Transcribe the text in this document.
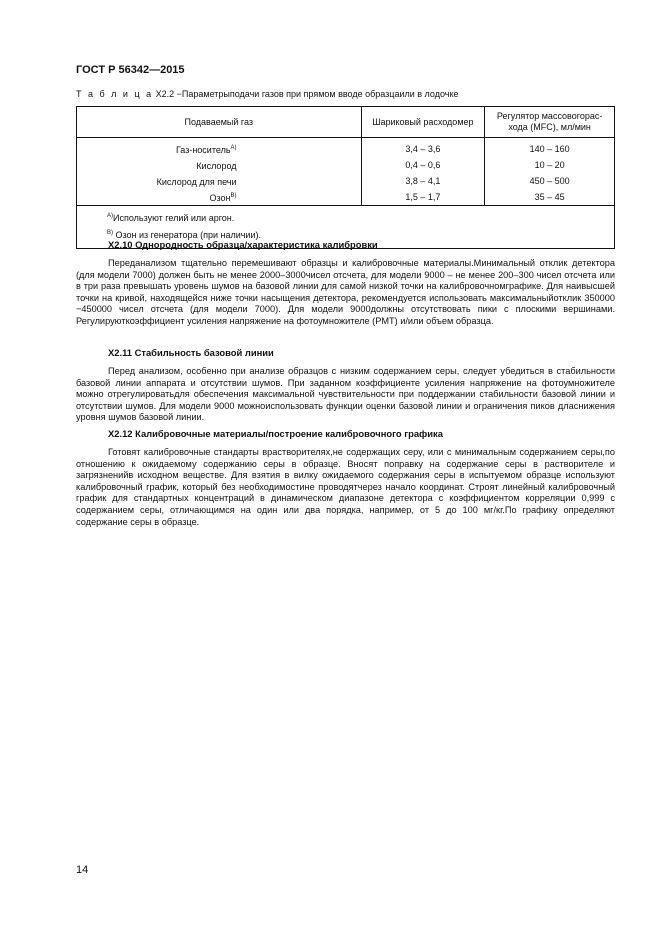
ГОСТ Р 56342—2015
Т а б л и ц а X2.2 −Параметрыподачи газов при прямом вводе образцаили в лодочке
Подаваемый газ	Шариковый расходомер	Регулятор массовогорас-хода (MFC), мл/мин
Газ-носитель$^{A)}$	3,4 – 3,6	140 – 160
Кислород	0,4 – 0,6	10 – 20
Кислород для печи	3,8 – 4,1	450 – 500
Озон$^{B)}$	1,5 – 1,7	35 – 45

$^{A)}$Используют гелий или аргон.
$^{B)}$ Озон из генератора (при наличии).		
X2.10 Однородность образца/характеристика калибровки

Переданализом тщательно перемешивают образцы и калибровочные материалы.Минимальный отклик детектора (для модели 7000) должен быть не менее 2000–3000чисел отсчета, для модели 9000 – не менее 200–300 чисел отсчета или в три раза превышать уровень шумов на базовой линии для самой низкой точки на калибровочномграфике. Для наивысшей точки на кривой, находящейся ниже точки насыщения детектора, рекомендуется использовать максимальныйотклик 350000 −450000 чисел отсчета (для модели 7000). Для модели 9000должны отсутствовать пики с плоскими вершинами. Регулируюткоэффициент усиления напряжение на фотоумножителе (PMT) и/или объем образца.

X2.11 Стабильность базовой линии

Перед анализом, особенно при анализе образцов с низким содержанием серы, следует убедиться в стабильности базовой линии аппарата и отсутствии шумов. При заданном коэффициенте усиления напряжение на фотоумножителе можно отрегулироватьдля обеспечения максимальной чувствительности при поддержании стабильности базовой линии и отсутствии шумов. Для модели 9000 можноиспользовать функции оценки базовой линии и ограничения пиков дласнижения уровня шумов базовой линии.

X2.12 Калибровочные материалы/построение калибровочного графика

Готовят калибровочные стандарты врастворителях,не содержащих серу, или с минимальным содержанием серы,по отношению к ожидаемому содержанию серы в образце. Вносят поправку на содержание серы в растворителе и загрязненийв исходном веществе. Для взятия в вилку ожидаемого содержания серы в испытуемом образце используют калибровочный график, который без необходимостине проводятчерез начало координат. Строят линейный калибровочный график для стандартных концентраций в динамическом диапазоне детектора с коэффициентом корреляции 0,999 с содержанием серы, отличающимся на один или два порядка, например, от 5 до 100 мг/кг.По графику определяют содержание серы в образце.

14
